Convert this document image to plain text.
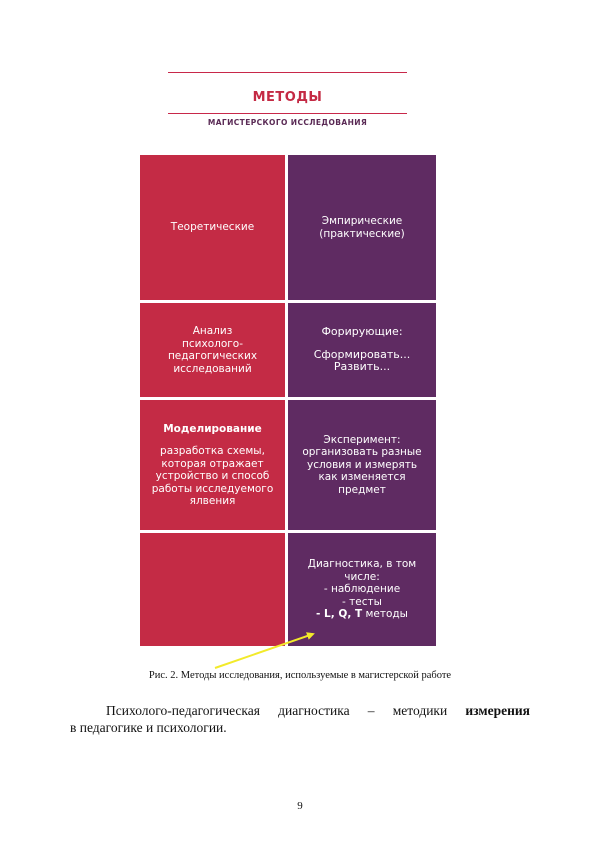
МЕТОДЫ
МАГИСТЕРСКОГО ИССЛЕДОВАНИЯ
Теоретические
Эмпирические
(практические)
Анализ
психолого-
педагогических
исследований
Форирующие:
Сформировать...
Развить...
Моделирование
разработка схемы,
которая отражает
устройство и способ
работы исследуемого
ялвения
Эксперимент:
организовать разные
условия и измерять
как изменяется
предмет
Диагностика, в том
числе:
- наблюдение
- тесты
- L, Q, T методы
Рис. 2. Методы исследования, используемые в магистерской работе
Психолого-педагогическая диагностика – методики измерения
в педагогике и психологии.
9
